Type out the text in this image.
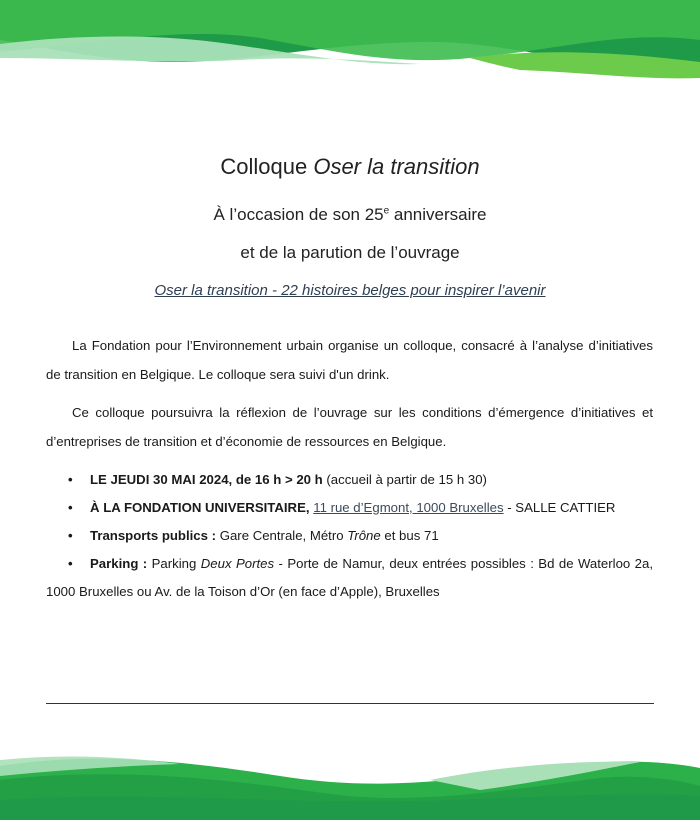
Colloque Oser la transition
À l’occasion de son 25e anniversaire
et de la parution de l’ouvrage
Oser la transition - 22 histoires belges pour inspirer l’avenir

La Fondation pour l’Environnement urbain organise un colloque, consacré à l’analyse d’initiatives de transition en Belgique. Le colloque sera suivi d'un drink.

Ce colloque poursuivra la réflexion de l’ouvrage sur les conditions d’émergence d’initiatives et d’entreprises de transition et d’économie de ressources en Belgique.

• LE JEUDI 30 MAI 2024, de 16 h > 20 h (accueil à partir de 15 h 30)
• À LA FONDATION UNIVERSITAIRE, 11 rue d’Egmont, 1000 Bruxelles - SALLE CATTIER
• Transports publics : Gare Centrale, Métro Trône et bus 71
• Parking : Parking Deux Portes - Porte de Namur, deux entrées possibles : Bd de Waterloo 2a, 1000 Bruxelles ou Av. de la Toison d’Or (en face d’Apple), Bruxelles
